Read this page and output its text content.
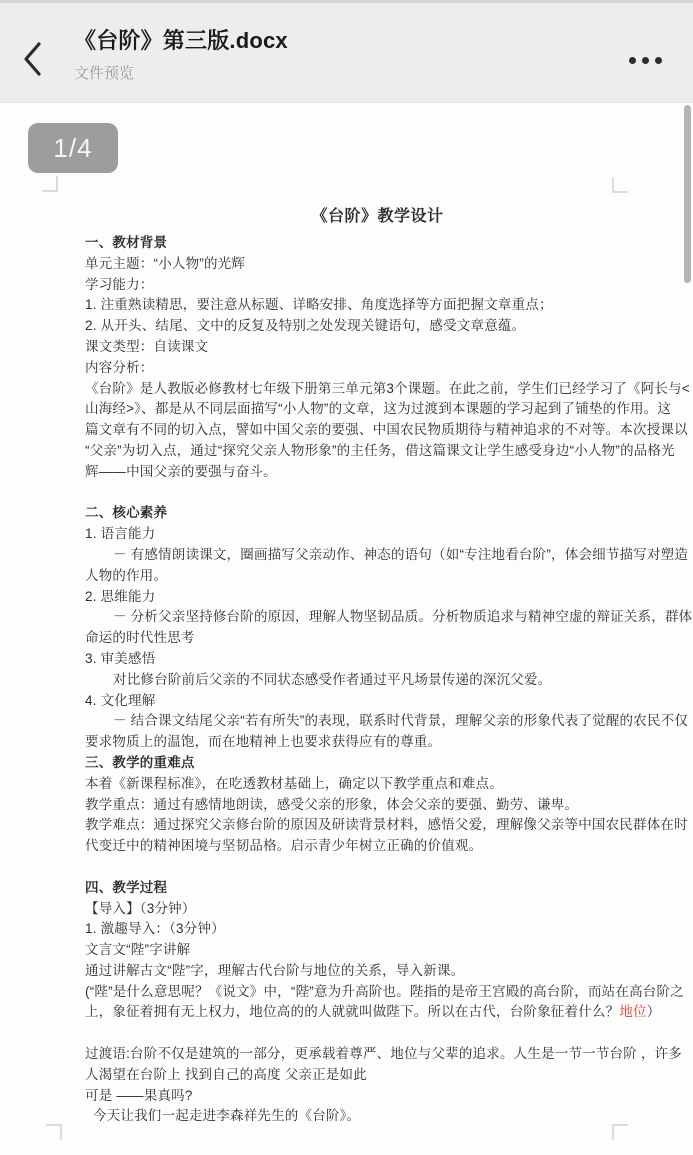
《台阶》第三版.docx
文件预览
1/4
《台阶》教学设计
一、教材背景
单元主题：“小人物”的光辉
学习能力：
1. 注重熟读精思，要注意从标题、详略安排、角度选择等方面把握文章重点；
2. 从开头、结尾、文中的反复及特别之处发现关键语句，感受文章意蕴。
课文类型：自读课文
内容分析：
《台阶》是人教版必修教材七年级下册第三单元第3个课题。在此之前，学生们已经学习了《阿长与<
山海经>》、都是从不同层面描写“小人物”的文章，这为过渡到本课题的学习起到了铺垫的作用。这
篇文章有不同的切入点，譬如中国父亲的要强、中国农民物质期待与精神追求的不对等。本次授课以
“父亲”为切入点，通过“探究父亲人物形象”的主任务，借这篇课文让学生感受身边“小人物”的品格光
辉——中国父亲的要强与奋斗。
二、核心素养
1. 语言能力
－ 有感情朗读课文，圈画描写父亲动作、神态的语句（如“专注地看台阶”，体会细节描写对塑造
人物的作用。
2. 思维能力
－ 分析父亲坚持修台阶的原因，理解人物坚韧品质。分析物质追求与精神空虚的辩证关系，群体
命运的时代性思考
3. 审美感悟
对比修台阶前后父亲的不同状态感受作者通过平凡场景传递的深沉父爱。
4. 文化理解
－ 结合课文结尾父亲“若有所失”的表现，联系时代背景，理解父亲的形象代表了觉醒的农民不仅
要求物质上的温饱，而在地精神上也要求获得应有的尊重。
三、教学的重难点
本着《新课程标准》，在吃透教材基础上，确定以下教学重点和难点。
教学重点：通过有感情地朗读，感受父亲的形象，体会父亲的要强、勤劳、谦卑。
教学难点：通过探究父亲修台阶的原因及研读背景材料，感悟父爱，理解像父亲等中国农民群体在时
代变迁中的精神困境与坚韧品格。启示青少年树立正确的价值观。
四、教学过程
【导入】（3分钟）
1. 激趣导入：（3分钟）
文言文“陛”字讲解
通过讲解古文“陛”字，理解古代台阶与地位的关系，导入新课。
(“陛”是什么意思呢？《说文》中，“陛”意为升高阶也。陛指的是帝王宫殿的高台阶，而站在高台阶之
上，象征着拥有无上权力，地位高的的人就就叫做陛下。所以在古代，台阶象征着什么？地位）
过渡语:台阶不仅是建筑的一部分，更承载着尊严、地位与父辈的追求。人生是一节一节台阶 ，许多
人渴望在台阶上 找到自己的高度 父亲正是如此
可是 ——果真吗?
今天让我们一起走进李森祥先生的《台阶》。
